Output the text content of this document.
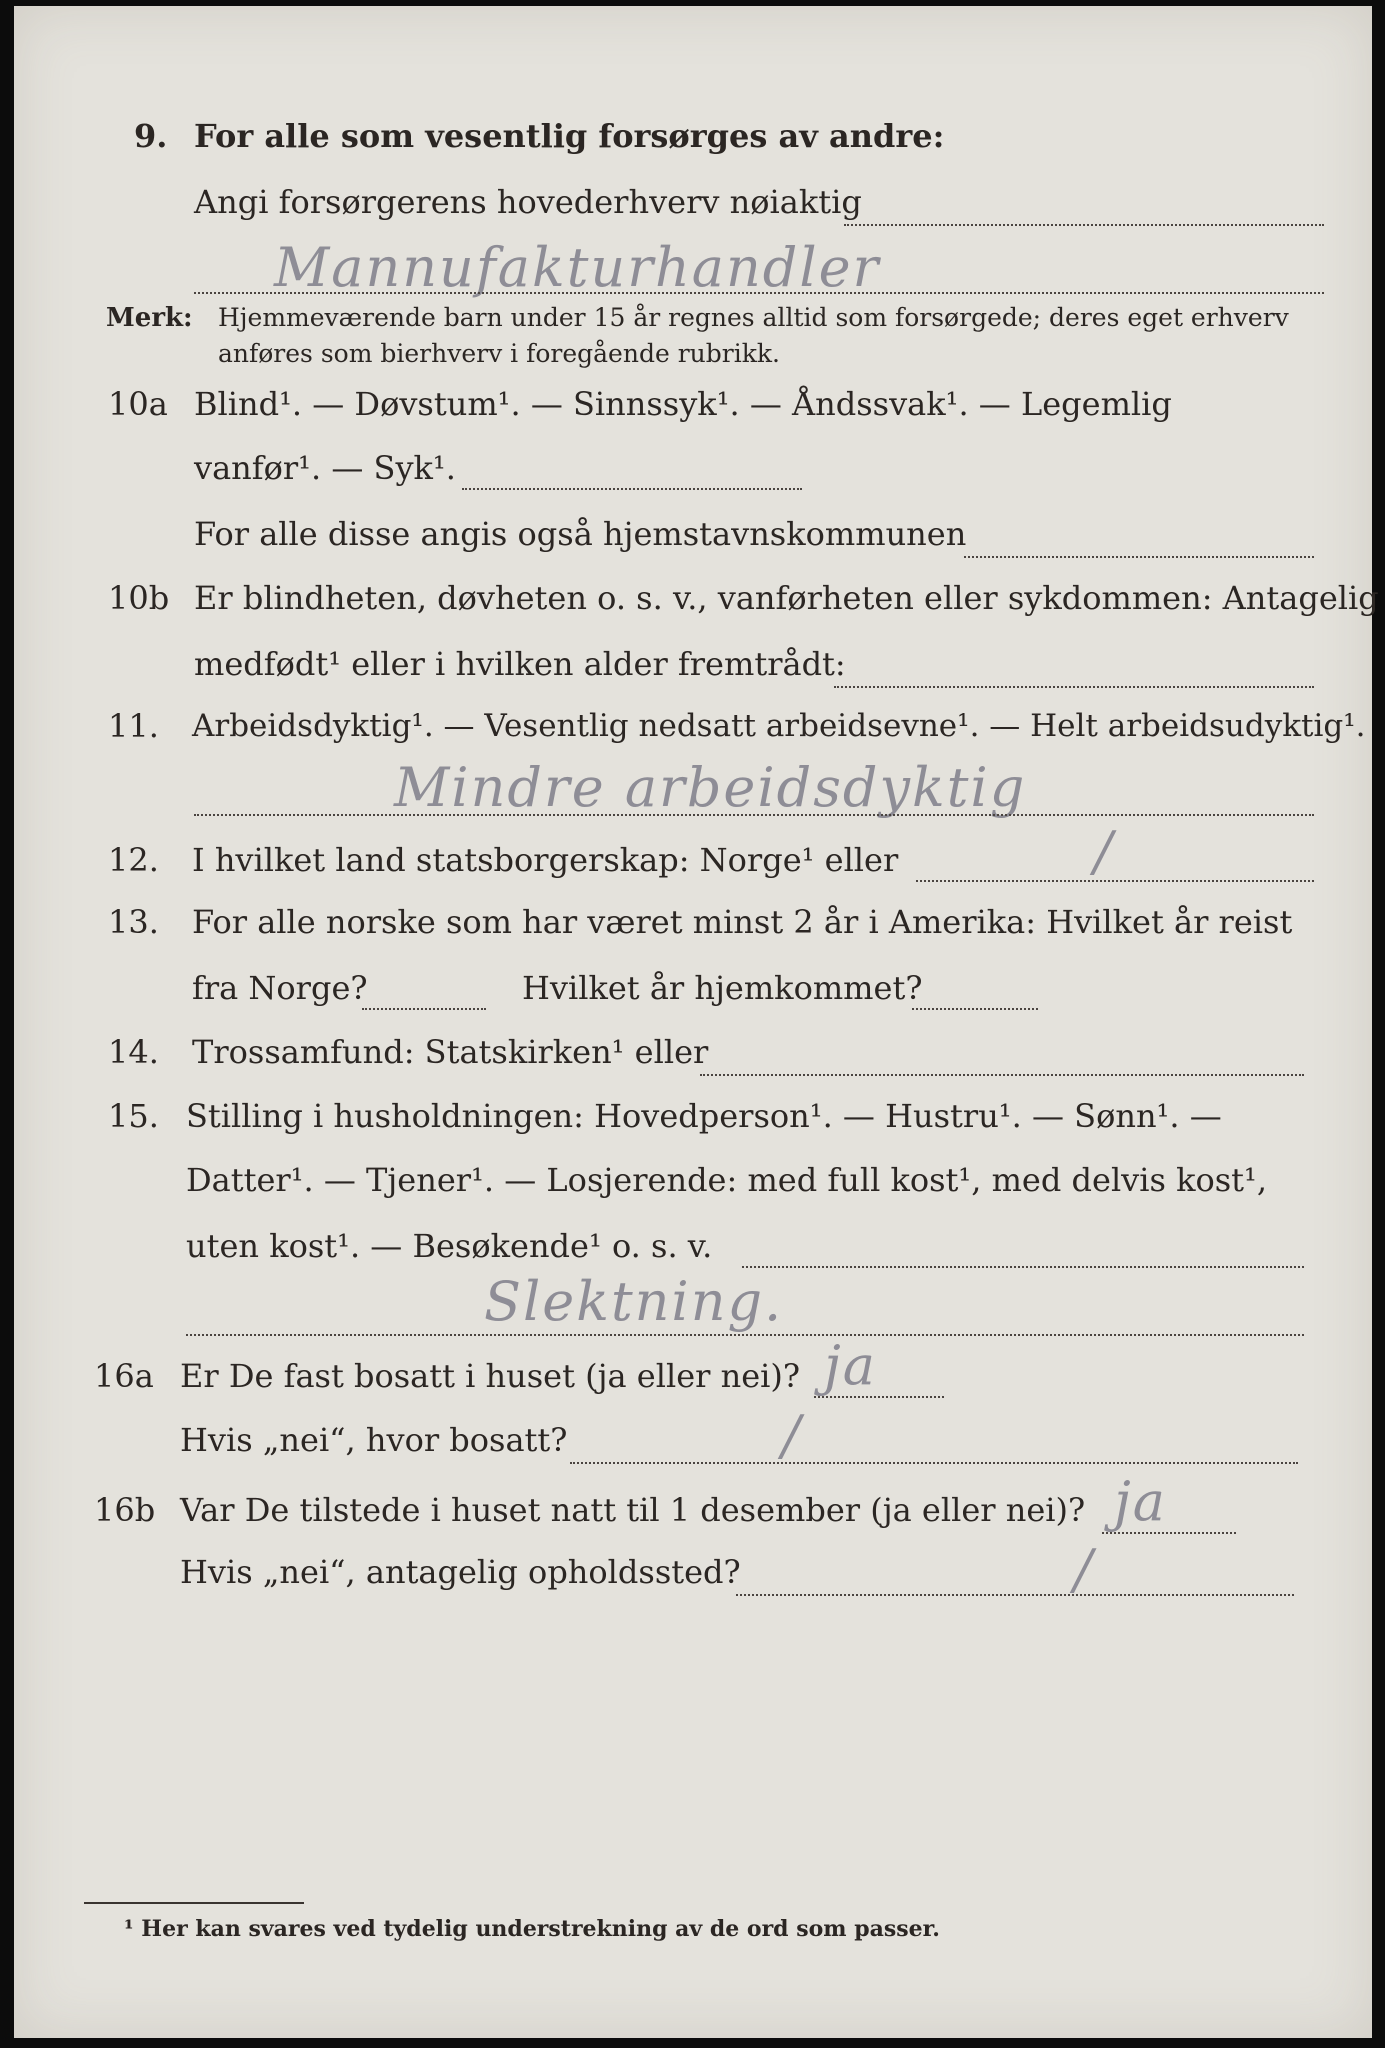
9. For alle som vesentlig forsørges av andre:
Angi forsørgerens hovederhverv nøiaktig
Mannufakturhandler
Merk: Hjemmeværende barn under 15 år regnes alltid som forsørgede; deres eget erhverv
anføres som bierhverv i foregående rubrikk.
10a Blind¹. — Døvstum¹. — Sinnssyk¹. — Åndssvak¹. — Legemlig
vanfør¹. — Syk¹.
For alle disse angis også hjemstavnskommunen
10b Er blindheten, døvheten o. s. v., vanførheten eller sykdommen: Antagelig
medfødt¹ eller i hvilken alder fremtrådt:
11. Arbeidsdyktig¹. — Vesentlig nedsatt arbeidsevne¹. — Helt arbeidsudyktig¹.
Mindre arbeidsdyktig
12. I hvilket land statsborgerskap: Norge¹ eller	/
13. For alle norske som har været minst 2 år i Amerika: Hvilket år reist
fra Norge?	Hvilket år hjemkommet?
14. Trossamfund: Statskirken¹ eller
15. Stilling i husholdningen: Hovedperson¹. — Hustru¹. — Sønn¹. —
Datter¹. — Tjener¹. — Losjerende: med full kost¹, med delvis kost¹,
uten kost¹. — Besøkende¹ o. s. v.
Slektning.
16a Er De fast bosatt i huset (ja eller nei)? ja
Hvis „nei“, hvor bosatt?	/
16b Var De tilstede i huset natt til 1 desember (ja eller nei)? ja
Hvis „nei“, antagelig opholdssted?	/
¹ Her kan svares ved tydelig understrekning av de ord som passer.
